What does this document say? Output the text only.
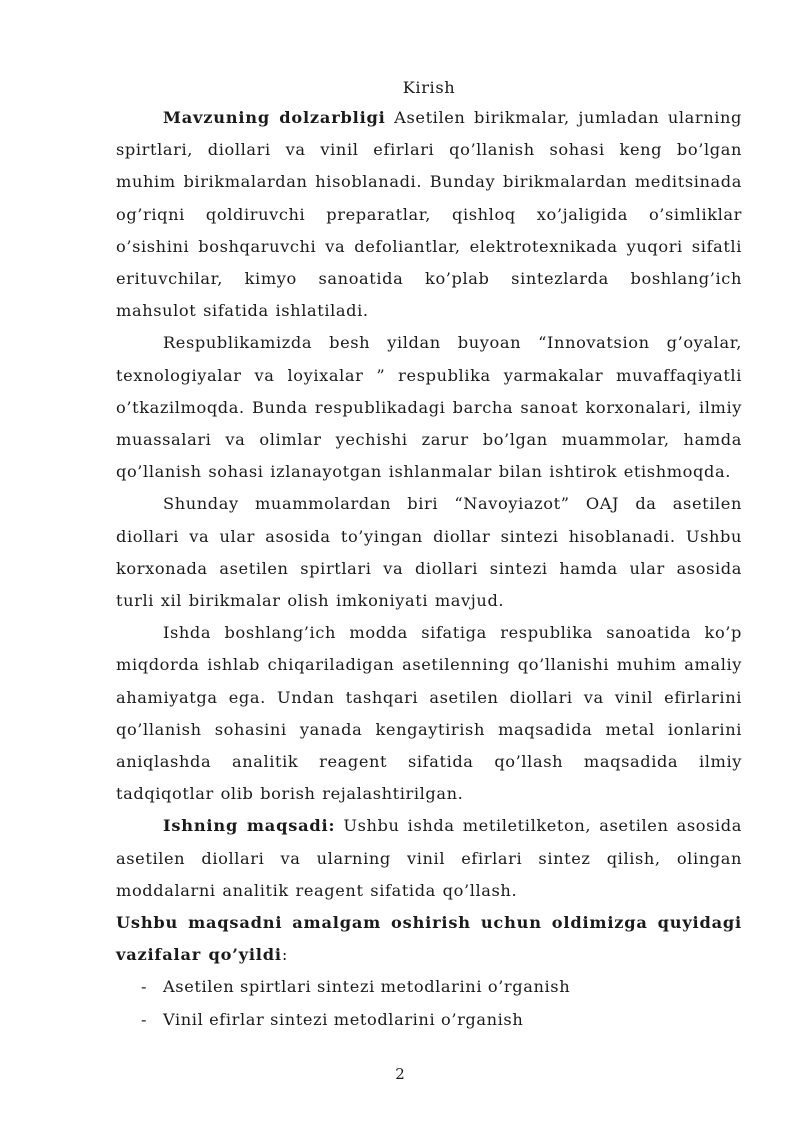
Kirish

Mavzuning dolzarbligi Asetilen birikmalar, jumladan ularning spirtlari, diollari va vinil efirlari qo’llanish sohasi keng bo’lgan muhim birikmalardan hisoblanadi. Bunday birikmalardan meditsinada og’riqni qoldiruvchi preparatlar, qishloq xo’jaligida o’simliklar o’sishini boshqaruvchi va defoliantlar, elektrotexnikada yuqori sifatli erituvchilar, kimyo sanoatida ko’plab sintezlarda boshlang’ich mahsulot sifatida ishlatiladi.

Respublikamizda besh yildan buyoan “Innovatsion g’oyalar, texnologiyalar va loyixalar ” respublika yarmakalar muvaffaqiyatli o’tkazilmoqda. Bunda respublikadagi barcha sanoat korxonalari, ilmiy muassalari va olimlar yechishi zarur bo’lgan muammolar, hamda qo’llanish sohasi izlanayotgan ishlanmalar bilan ishtirok etishmoqda.

Shunday muammolardan biri “Navoyiazot” OAJ da asetilen diollari va ular asosida to’yingan diollar sintezi hisoblanadi. Ushbu korxonada asetilen spirtlari va diollari sintezi hamda ular asosida turli xil birikmalar olish imkoniyati mavjud.

Ishda boshlang’ich modda sifatiga respublika sanoatida ko’p miqdorda ishlab chiqariladigan asetilenning qo’llanishi muhim amaliy ahamiyatga ega. Undan tashqari asetilen diollari va vinil efirlarini qo’llanish sohasini yanada kengaytirish maqsadida metal ionlarini aniqlashda analitik reagent sifatida qo’llash maqsadida ilmiy tadqiqotlar olib borish rejalashtirilgan.

Ishning maqsadi: Ushbu ishda metiletilketon, asetilen asosida asetilen diollari va ularning vinil efirlari sintez qilish, olingan moddalarni analitik reagent sifatida qo’llash.

Ushbu maqsadni amalgam oshirish uchun oldimizga quyidagi vazifalar qo’yildi:

- Asetilen spirtlari sintezi metodlarini o’rganish
- Vinil efirlar sintezi metodlarini o’rganish
2
